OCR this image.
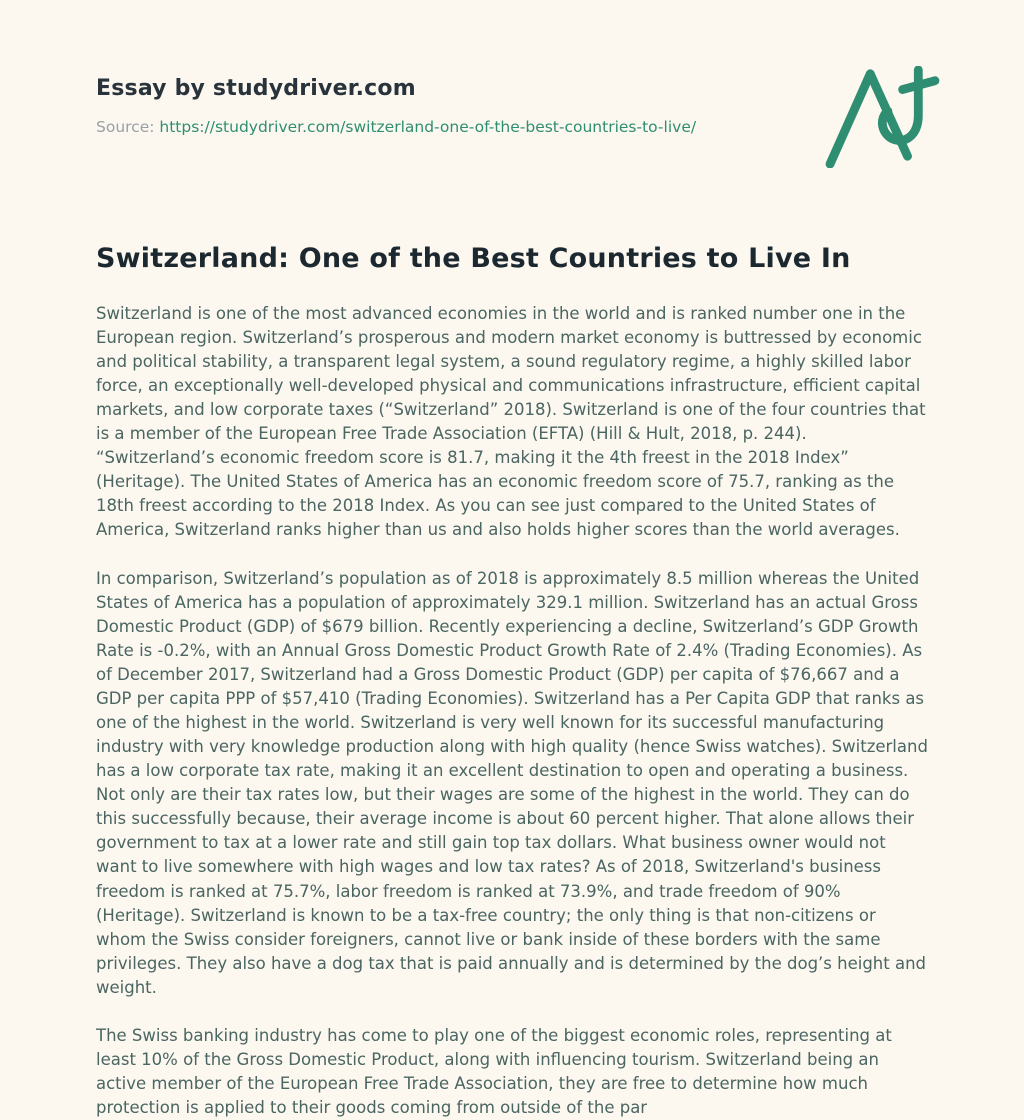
Essay by studydriver.com
Source: https://studydriver.com/switzerland-one-of-the-best-countries-to-live/
Switzerland: One of the Best Countries to Live In

Switzerland is one of the most advanced economies in the world and is ranked number one in the European region. Switzerland’s prosperous and modern market economy is buttressed by economic and political stability, a transparent legal system, a sound regulatory regime, a highly skilled labor force, an exceptionally well-developed physical and communications infrastructure, efficient capital markets, and low corporate taxes (“Switzerland” 2018). Switzerland is one of the four countries that is a member of the European Free Trade Association (EFTA) (Hill & Hult, 2018, p. 244). “Switzerland’s economic freedom score is 81.7, making it the 4th freest in the 2018 Index” (Heritage). The United States of America has an economic freedom score of 75.7, ranking as the 18th freest according to the 2018 Index. As you can see just compared to the United States of America, Switzerland ranks higher than us and also holds higher scores than the world averages.

In comparison, Switzerland’s population as of 2018 is approximately 8.5 million whereas the United States of America has a population of approximately 329.1 million. Switzerland has an actual Gross Domestic Product (GDP) of $679 billion. Recently experiencing a decline, Switzerland’s GDP Growth Rate is -0.2%, with an Annual Gross Domestic Product Growth Rate of 2.4% (Trading Economies). As of December 2017, Switzerland had a Gross Domestic Product (GDP) per capita of $76,667 and a GDP per capita PPP of $57,410 (Trading Economies). Switzerland has a Per Capita GDP that ranks as one of the highest in the world. Switzerland is very well known for its successful manufacturing industry with very knowledge production along with high quality (hence Swiss watches). Switzerland has a low corporate tax rate, making it an excellent destination to open and operating a business. Not only are their tax rates low, but their wages are some of the highest in the world. They can do this successfully because, their average income is about 60 percent higher. That alone allows their government to tax at a lower rate and still gain top tax dollars. What business owner would not want to live somewhere with high wages and low tax rates? As of 2018, Switzerland's business freedom is ranked at 75.7%, labor freedom is ranked at 73.9%, and trade freedom of 90% (Heritage). Switzerland is known to be a tax-free country; the only thing is that non-citizens or whom the Swiss consider foreigners, cannot live or bank inside of these borders with the same privileges. They also have a dog tax that is paid annually and is determined by the dog’s height and weight.

The Swiss banking industry has come to play one of the biggest economic roles, representing at least 10% of the Gross Domestic Product, along with influencing tourism. Switzerland being an active member of the European Free Trade Association, they are free to determine how much protection is applied to their goods coming from outside of the par
